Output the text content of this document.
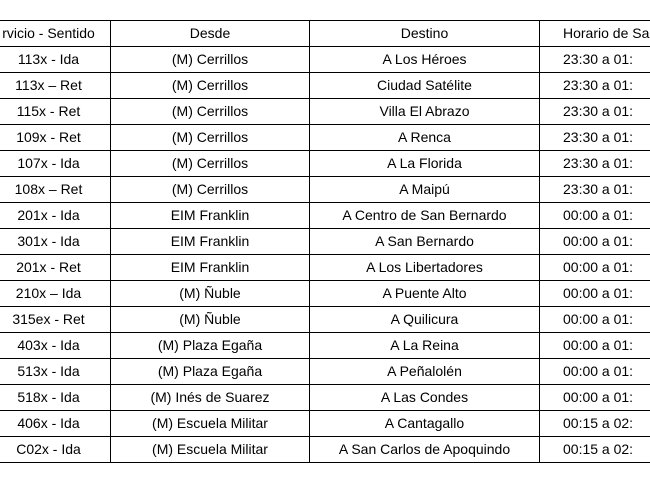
rvicio - Sentido	Desde	Destino	Horario de Sa
113x - Ida	(M) Cerrillos	A Los Héroes	23:30 a 01:
113x – Ret	(M) Cerrillos	Ciudad Satélite	23:30 a 01:
115x - Ret	(M) Cerrillos	Villa El Abrazo	23:30 a 01:
109x - Ret	(M) Cerrillos	A Renca	23:30 a 01:
107x - Ida	(M) Cerrillos	A La Florida	23:30 a 01:
108x – Ret	(M) Cerrillos	A Maipú	23:30 a 01:
201x - Ida	EIM Franklin	A Centro de San Bernardo	00:00 a 01:
301x - Ida	EIM Franklin	A San Bernardo	00:00 a 01:
201x - Ret	EIM Franklin	A Los Libertadores	00:00 a 01:
210x – Ida	(M) Ñuble	A Puente Alto	00:00 a 01:
315ex - Ret	(M) Ñuble	A Quilicura	00:00 a 01:
403x - Ida	(M) Plaza Egaña	A La Reina	00:00 a 01:
513x - Ida	(M) Plaza Egaña	A Peñalolén	00:00 a 01:
518x - Ida	(M) Inés de Suarez	A Las Condes	00:00 a 01:
406x - Ida	(M) Escuela Militar	A Cantagallo	00:15 a 02:
C02x - Ida	(M) Escuela Militar	A San Carlos de Apoquindo	00:15 a 02:
